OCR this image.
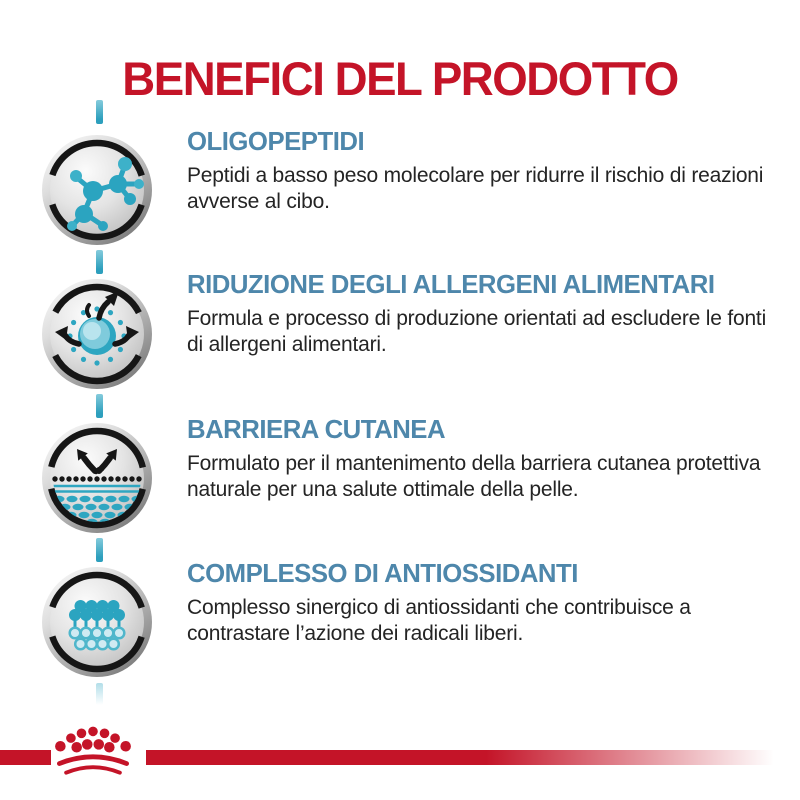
BENEFICI DEL PRODOTTO
OLIGOPEPTIDI

Peptidi a basso peso molecolare per ridurre il rischio di reazioni avverse al cibo.

RIDUZIONE DEGLI ALLERGENI ALIMENTARI

Formula e processo di produzione orientati ad escludere le fonti di allergeni alimentari.

BARRIERA CUTANEA

Formulato per il mantenimento della barriera cutanea protettiva naturale per una salute ottimale della pelle.

COMPLESSO DI ANTIOSSIDANTI

Complesso sinergico di antiossidanti che contribuisce a contrastare l’azione dei radicali liberi.
